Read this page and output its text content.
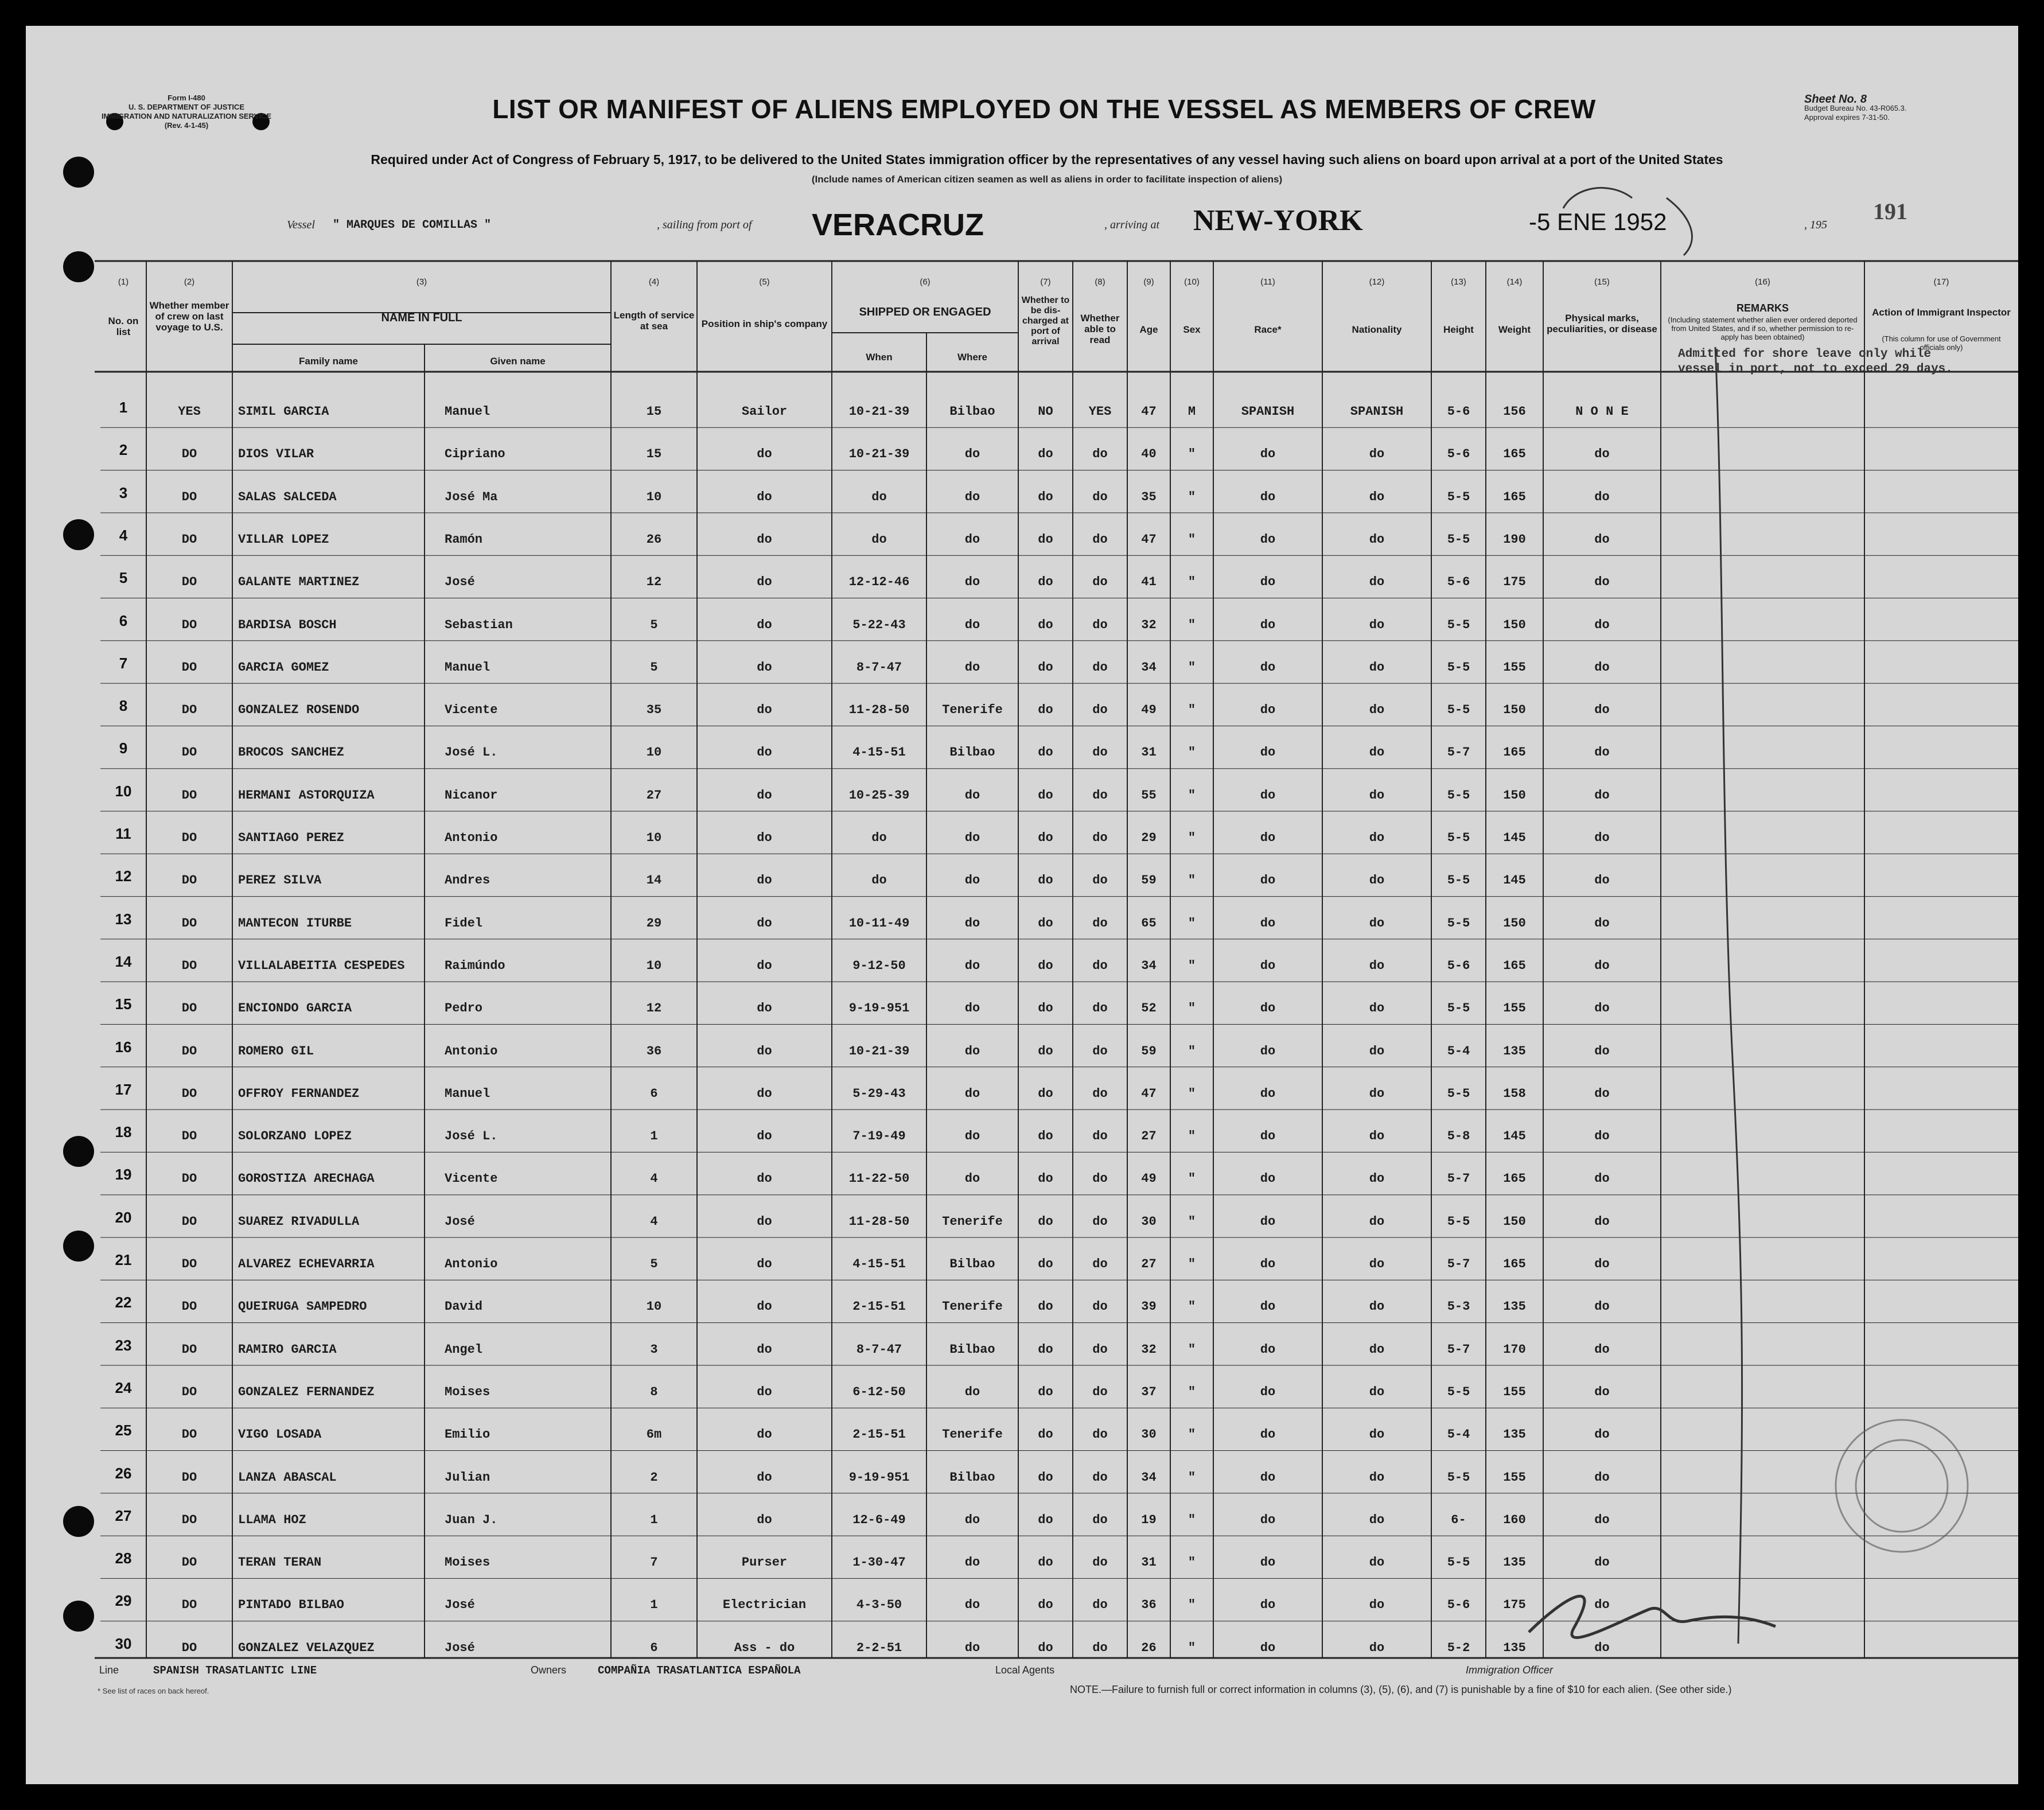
Form I-480
U. S. DEPARTMENT OF JUSTICE
IMMIGRATION AND NATURALIZATION SERVICE
(Rev. 4-1-45)
LIST OR MANIFEST OF ALIENS EMPLOYED ON THE VESSEL AS MEMBERS OF CREW	Sheet No. 8
Budget Bureau No. 43-R065.3.
Approval expires 7-31-50.
Required under Act of Congress of February 5, 1917, to be delivered to the United States immigration officer by the representatives of any vessel having such aliens on board upon arrival at a port of the United States
(Include names of American citizen seamen as well as aliens in order to facilitate inspection of aliens)
Vessel " MARQUES DE COMILLAS "	, sailing from port of VERACRUZ	, arriving at NEW-YORK	-5 ENE 1952	, 195
191
(1)	(2)	(3)	(4)	(5)	(6)	(7)	(8)	(9)	(10)	(11)	(12)	(13)	(14)	(15)	(16)	(17)
No. on list
Whether member of crew on last voyage to U.S.
NAME IN FULL
Family name	Given name
Length of service at sea	Position in ship's company
SHIPPED OR ENGAGED
When	Where
Whether to be dis-charged at port of arrival
Whether able to read
Age	Sex	Race*	Nationality	Height	Weight
Physical marks, peculiarities, or disease
REMARKS
(Including statement whether alien ever ordered deported from United States, and if so, whether permission to re-apply has been obtained)
Action of Immigrant Inspector
(This column for use of Government officials only)
1	YES	SIMIL GARCIA	Manuel	15	Sailor	10-21-39	Bilbao	NO	YES	47	M	SPANISH	SPANISH	5-6	156	N O N E
2	DO	DIOS VILAR	Cipriano	15	do	10-21-39	do	do	do	40	"	do	do	5-6	165	do
3	DO	SALAS SALCEDA	José Ma	10	do	do	do	do	do	35	"	do	do	5-5	165	do
4	DO	VILLAR LOPEZ	Ramón	26	do	do	do	do	do	47	"	do	do	5-5	190	do
5	DO	GALANTE MARTINEZ	José	12	do	12-12-46	do	do	do	41	"	do	do	5-6	175	do
6	DO	BARDISA BOSCH	Sebastian	5	do	5-22-43	do	do	do	32	"	do	do	5-5	150	do
7	DO	GARCIA GOMEZ	Manuel	5	do	8-7-47	do	do	do	34	"	do	do	5-5	155	do
8	DO	GONZALEZ ROSENDO	Vicente	35	do	11-28-50	Tenerife	do	do	49	"	do	do	5-5	150	do
9	DO	BROCOS SANCHEZ	José L.	10	do	4-15-51	Bilbao	do	do	31	"	do	do	5-7	165	do
10	DO	HERMANI ASTORQUIZA	Nicanor	27	do	10-25-39	do	do	do	55	"	do	do	5-5	150	do
11	DO	SANTIAGO PEREZ	Antonio	10	do	do	do	do	do	29	"	do	do	5-5	145	do
12	DO	PEREZ SILVA	Andres	14	do	do	do	do	do	59	"	do	do	5-5	145	do
13	DO	MANTECON ITURBE	Fidel	29	do	10-11-49	do	do	do	65	"	do	do	5-5	150	do
14	DO	VILLALABEITIA CESPEDES	Raimúndo	10	do	9-12-50	do	do	do	34	"	do	do	5-6	165	do
15	DO	ENCIONDO GARCIA	Pedro	12	do	9-19-951	do	do	do	52	"	do	do	5-5	155	do
16	DO	ROMERO GIL	Antonio	36	do	10-21-39	do	do	do	59	"	do	do	5-4	135	do
17	DO	OFFROY FERNANDEZ	Manuel	6	do	5-29-43	do	do	do	47	"	do	do	5-5	158	do
18	DO	SOLORZANO LOPEZ	José L.	1	do	7-19-49	do	do	do	27	"	do	do	5-8	145	do
19	DO	GOROSTIZA ARECHAGA	Vicente	4	do	11-22-50	do	do	do	49	"	do	do	5-7	165	do
20	DO	SUAREZ RIVADULLA	José	4	do	11-28-50	Tenerife	do	do	30	"	do	do	5-5	150	do
21	DO	ALVAREZ ECHEVARRIA	Antonio	5	do	4-15-51	Bilbao	do	do	27	"	do	do	5-7	165	do
22	DO	QUEIRUGA SAMPEDRO	David	10	do	2-15-51	Tenerife	do	do	39	"	do	do	5-3	135	do
23	DO	RAMIRO GARCIA	Angel	3	do	8-7-47	Bilbao	do	do	32	"	do	do	5-7	170	do
24	DO	GONZALEZ FERNANDEZ	Moises	8	do	6-12-50	do	do	do	37	"	do	do	5-5	155	do
25	DO	VIGO LOSADA	Emilio	6m	do	2-15-51	Tenerife	do	do	30	"	do	do	5-4	135	do
26	DO	LANZA ABASCAL	Julian	2	do	9-19-951	Bilbao	do	do	34	"	do	do	5-5	155	do
27	DO	LLAMA HOZ	Juan J.	1	do	12-6-49	do	do	do	19	"	do	do	6-	160	do
28	DO	TERAN TERAN	Moises	7	Purser	1-30-47	do	do	do	31	"	do	do	5-5	135	do
29	DO	PINTADO BILBAO	José	1	Electrician	4-3-50	do	do	do	36	"	do	do	5-6	175	do
30	DO	GONZALEZ VELAZQUEZ	José	6	Ass - do	2-2-51	do	do	do	26	"	do	do	5-2	135	do
Admitted for shore leave only while vessel in port, not to exceed 29 days.
Line	SPANISH TRASATLANTIC LINE	Owners	COMPAÑIA TRASATLANTICA ESPAÑOLA	Local Agents	Immigration Officer
* See list of races on back hereof.	NOTE.—Failure to furnish full or correct information in columns (3), (5), (6), and (7) is punishable by a fine of $10 for each alien. (See other side.)
